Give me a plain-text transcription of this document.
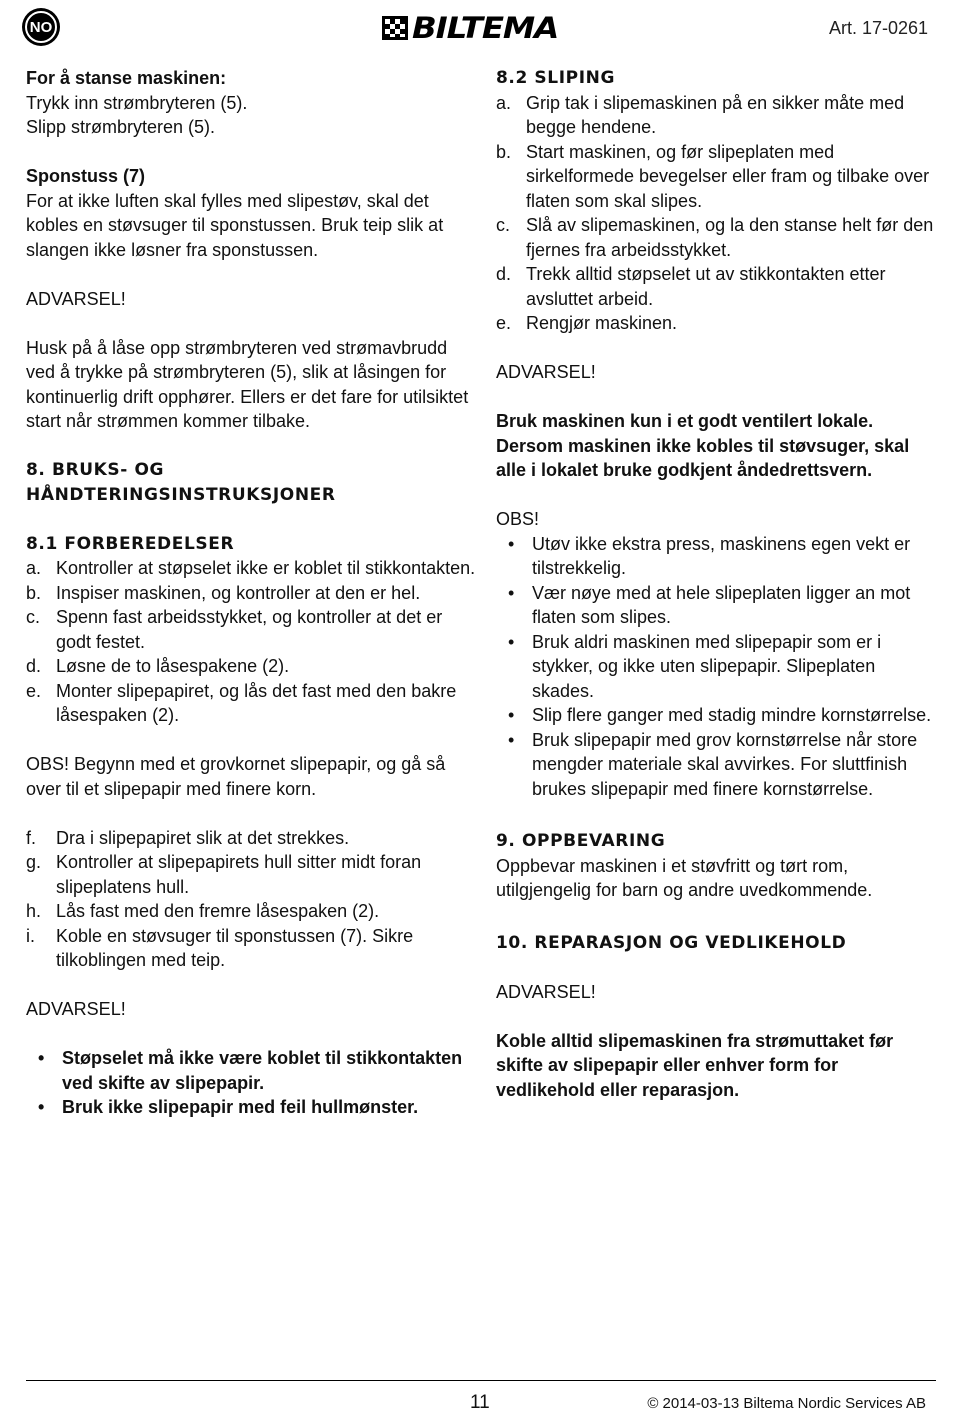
NO	BILTEMA	Art. 17-0261

For å stanse maskinen:

Trykk inn strømbryteren (5).

Slipp strømbryteren (5).

Sponstuss (7)

For at ikke luften skal fylles med slipestøv, skal det kobles en støvsuger til sponstussen. Bruk teip slik at slangen ikke løsner fra sponstussen.

ADVARSEL!

Husk på å låse opp strømbryteren ved strømavbrudd ved å trykke på strømbryteren (5), slik at låsingen for kontinuerlig drift opphører. Ellers er det fare for utilsiktet start når strømmen kommer tilbake.

8. BRUKS- OG

HÅNDTERINGSINSTRUKSJONER

8.1 FORBEREDELSER

a. Kontroller at støpselet ikke er koblet til stikkontakten.
b. Inspiser maskinen, og kontroller at den er hel.
c. Spenn fast arbeidsstykket, og kontroller at det er godt festet.
d. Løsne de to låsespakene (2).
e. Monter slipepapiret, og lås det fast med den bakre låsespaken (2).

OBS! Begynn med et grovkornet slipepapir, og gå så over til et slipepapir med finere korn.

f. Dra i slipepapiret slik at det strekkes.
g. Kontroller at slipepapirets hull sitter midt foran slipeplatens hull.
h. Lås fast med den fremre låsespaken (2).
i. Koble en støvsuger til sponstussen (7). Sikre tilkoblingen med teip.

ADVARSEL!

• Støpselet må ikke være koblet til stikkontakten ved skifte av slipepapir.
• Bruk ikke slipepapir med feil hullmønster.

8.2 SLIPING

a. Grip tak i slipemaskinen på en sikker måte med begge hendene.
b. Start maskinen, og før slipeplaten med sirkelformede bevegelser eller fram og tilbake over flaten som skal slipes.
c. Slå av slipemaskinen, og la den stanse helt før den fjernes fra arbeidsstykket.
d. Trekk alltid støpselet ut av stikkontakten etter avsluttet arbeid.
e. Rengjør maskinen.

ADVARSEL!

Bruk maskinen kun i et godt ventilert lokale. Dersom maskinen ikke kobles til støvsuger, skal alle i lokalet bruke godkjent åndedrettsvern.

OBS!

• Utøv ikke ekstra press, maskinens egen vekt er tilstrekkelig.
• Vær nøye med at hele slipeplaten ligger an mot flaten som slipes.
• Bruk aldri maskinen med slipepapir som er i stykker, og ikke uten slipepapir. Slipeplaten skades.
• Slip flere ganger med stadig mindre kornstørrelse.
• Bruk slipepapir med grov kornstørrelse når store mengder materiale skal avvirkes. For sluttfinish brukes slipepapir med finere kornstørrelse.

9. OPPBEVARING

Oppbevar maskinen i et støvfritt og tørt rom, utilgjengelig for barn og andre uvedkommende.

10. REPARASJON OG VEDLIKEHOLD

ADVARSEL!

Koble alltid slipemaskinen fra strømuttaket før skifte av slipepapir eller enhver form for vedlikehold eller reparasjon.

11	© 2014-03-13 Biltema Nordic Services AB
